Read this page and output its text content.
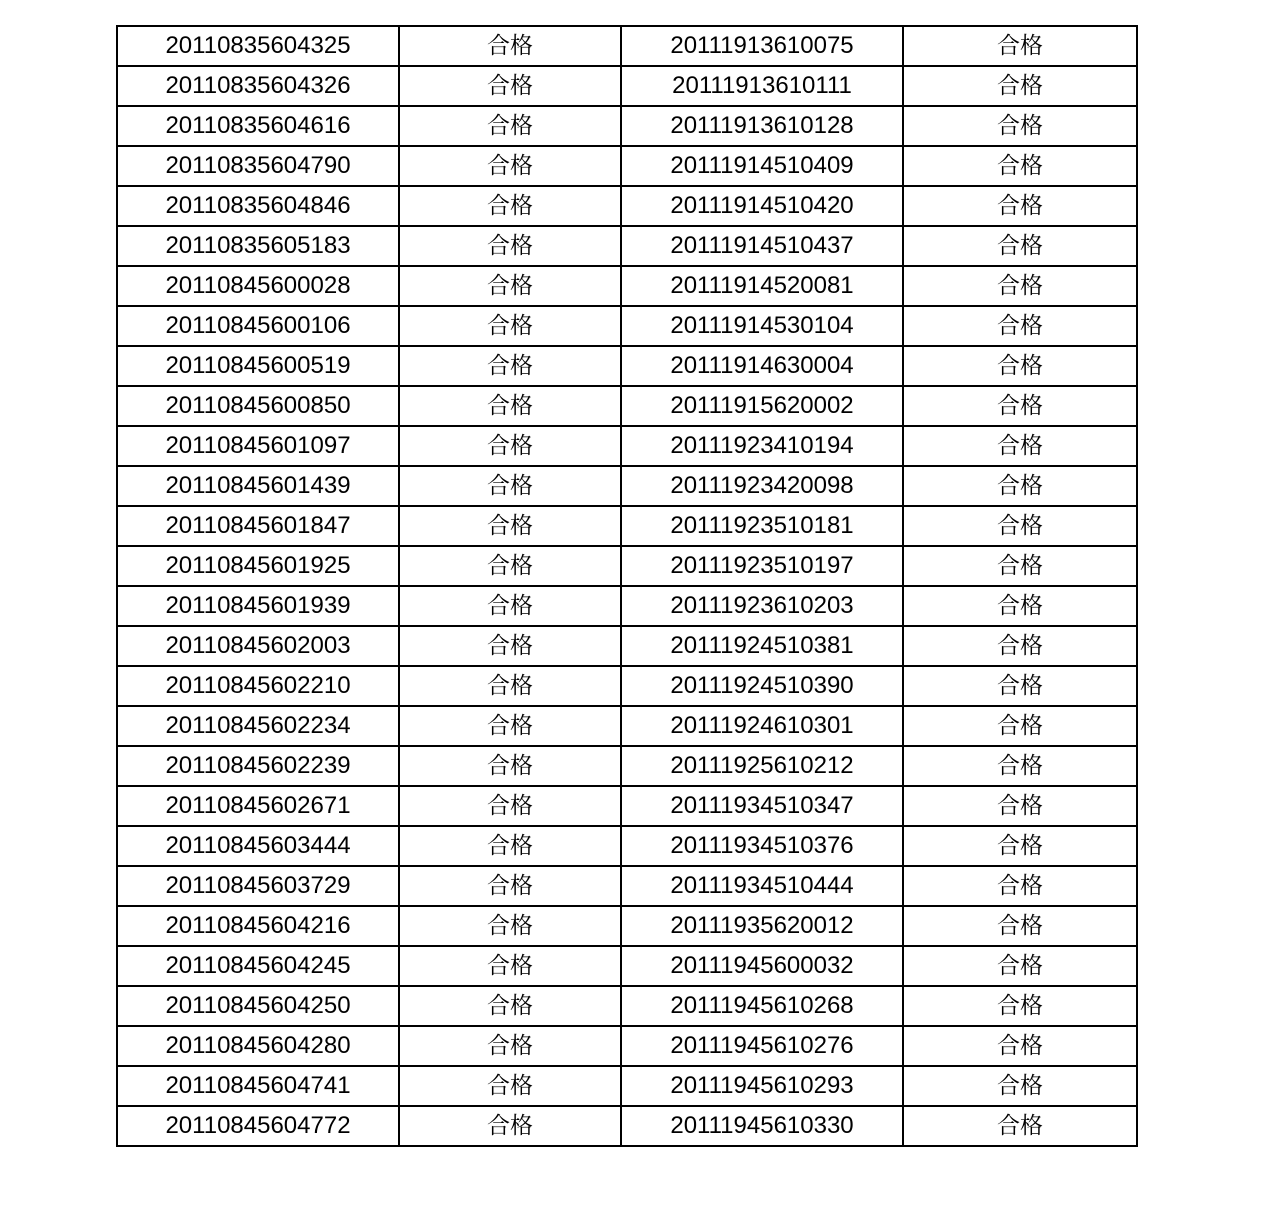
20110835604325	合格	20111913610075	合格
20110835604326	合格	20111913610111	合格
20110835604616	合格	20111913610128	合格
20110835604790	合格	20111914510409	合格
20110835604846	合格	20111914510420	合格
20110835605183	合格	20111914510437	合格
20110845600028	合格	20111914520081	合格
20110845600106	合格	20111914530104	合格
20110845600519	合格	20111914630004	合格
20110845600850	合格	20111915620002	合格
20110845601097	合格	20111923410194	合格
20110845601439	合格	20111923420098	合格
20110845601847	合格	20111923510181	合格
20110845601925	合格	20111923510197	合格
20110845601939	合格	20111923610203	合格
20110845602003	合格	20111924510381	合格
20110845602210	合格	20111924510390	合格
20110845602234	合格	20111924610301	合格
20110845602239	合格	20111925610212	合格
20110845602671	合格	20111934510347	合格
20110845603444	合格	20111934510376	合格
20110845603729	合格	20111934510444	合格
20110845604216	合格	20111935620012	合格
20110845604245	合格	20111945600032	合格
20110845604250	合格	20111945610268	合格
20110845604280	合格	20111945610276	合格
20110845604741	合格	20111945610293	合格
20110845604772	合格	20111945610330	合格
